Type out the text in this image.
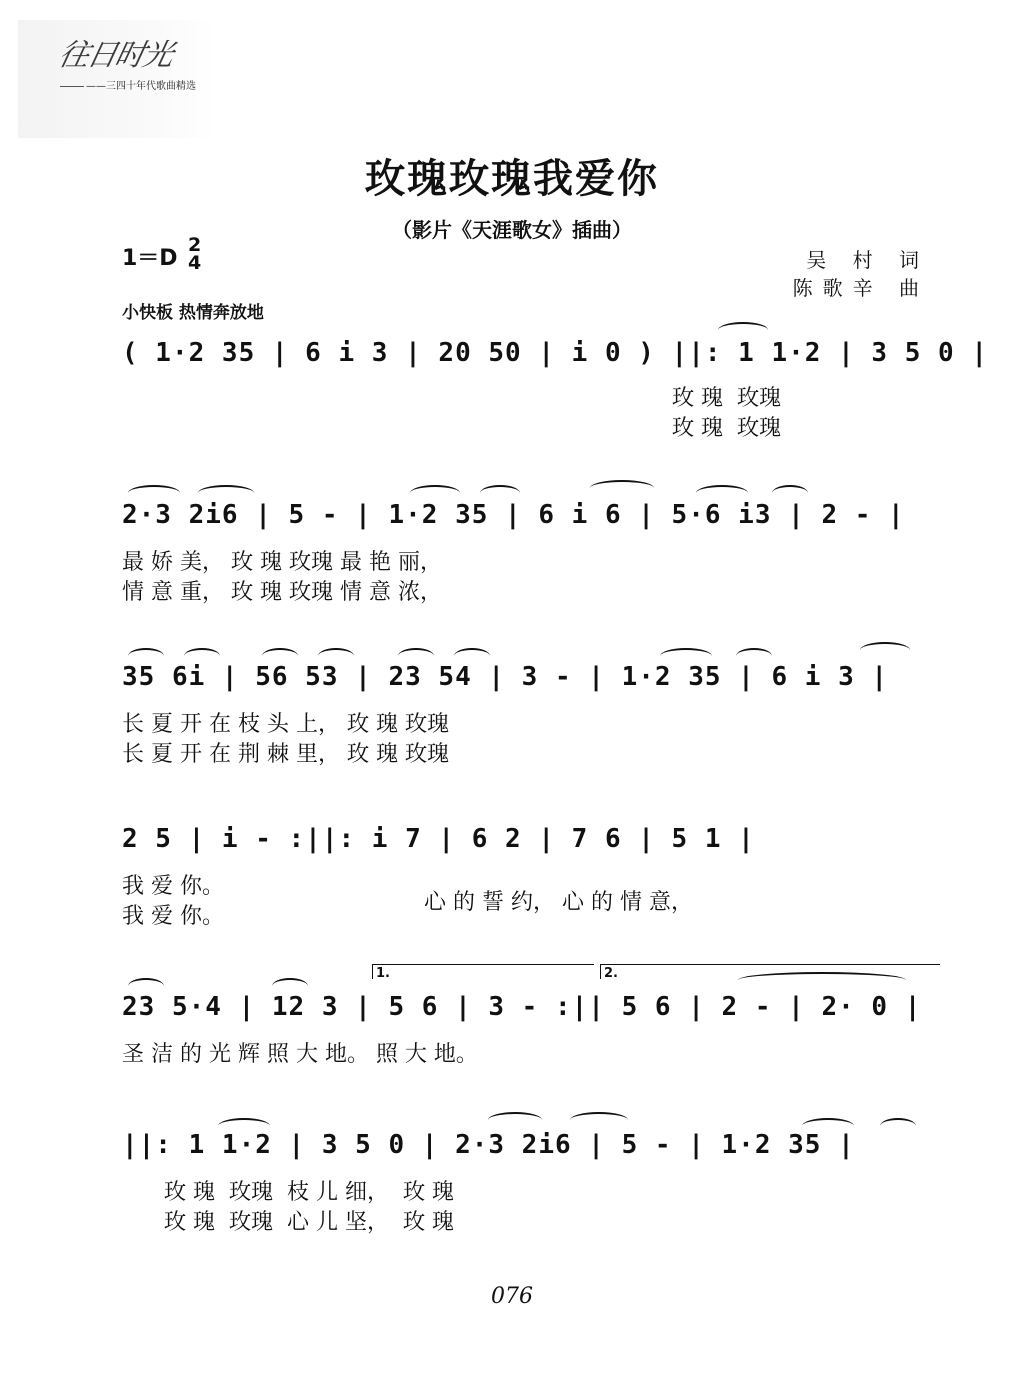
往日时光
——三四十年代歌曲精选
玫瑰玫瑰我爱你
（影片《天涯歌女》插曲）
1＝D
2
4	吴 村 词
陈歌辛 曲
小快板 热情奔放地
( 1·2 35 | 6 i 3 | 20 50 | i 0 ) ||: 1 1·2 | 3 5 0 |
玫 瑰  玫瑰
玫 瑰  玫瑰
2·3 2i6 | 5 - | 1·2 35 | 6 i 6 | 5·6 i3 | 2 - |
最 娇 美， 玫 瑰 玫瑰 最 艳 丽，
情 意 重， 玫 瑰 玫瑰 情 意 浓，
35 6i | 56 53 | 23 54 | 3 - | 1·2 35 | 6 i 3 |
长 夏 开 在 枝 头 上， 玫 瑰 玫瑰
长 夏 开 在 荆 棘 里， 玫 瑰 玫瑰
2 5 | i - :||: i 7 | 6 2 | 7 6 | 5 1 |
我 爱 你。
我 爱 你。
心 的 誓 约， 心 的 情 意，
1.	2.
23 5·4 | 12 3 | 5 6 | 3 - :|| 5 6 | 2 - | 2· 0 |
圣 洁 的 光 辉 照 大 地。 照 大 地。
||: 1 1·2 | 3 5 0 | 2·3 2i6 | 5 - | 1·2 35 |
玫 瑰  玫瑰  枝 儿 细，  玫 瑰
玫 瑰  玫瑰  心 儿 坚，  玫 瑰
076
